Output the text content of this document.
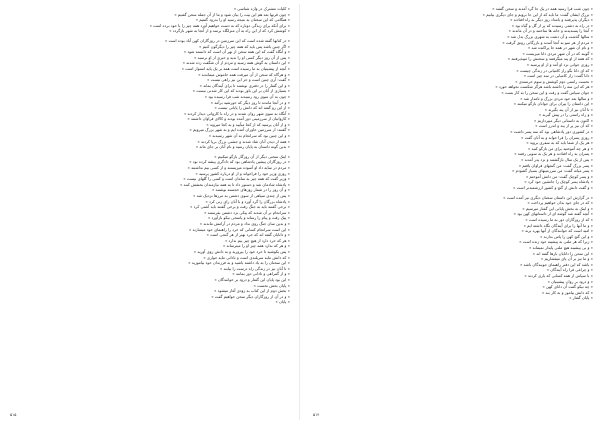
« کلیات مشترک در واژه شناسی »
« چون قرنها بعد هم این بیت را بیان شود و ما از آن جمله سخن گفتیم »
« هنگامی که این سخنان به نتیجه رسید او را بدرود گفتیم »
« برای آنکه برای زندگی دوباره که به دست خواهیم آورد همه چیز را با خود برده است »
« کوشش کرد که از این راه به آن منزلگاه برسد و از آنجا به شهر بازگردد »
« در کتابها گفته شده است که این سرزمین در روزگاران کهن آباد بوده است »
« اگر چنین باشد پس باید که همه چیز را دیگرگون کنیم »
« و آنگاه گفت که این همه سخن از بهر آن است که دانسته شود »
« پس از آن روز دیگر کسی او را ندید و خبری از او نرسید »
« این داستان به گوش همه رسید و مردم از آن شگفت زده شدند »
« آنچه از پیشینیان به ما رسیده است همه بر یک پایه استوار است »
« و هرگاه که سخن از آن میرفت همه خاموش میماندند »
« گفت: آری چنین است و جز این نیز راهی نیست »
« و این گفتار را در دفتری نوشتند تا برای آیندگان بماند »
« بسیاری از آنان بر این باور بودند که این کار شدنی نیست »
« چون به آن سوی رود رسیدند شب فرا رسیده بود »
« و در آنجا ماندند تا روز دیگر که خورشید برآمد »
« از این رو گفته اند که دانش را پایانی نیست »
« آنگاه به سوی شهر روان شدند و در راه با کاروانی دیدار کردند »
« کاروانیان از سرزمینی دور آمده بودند و کالای فراوان داشتند »
« و از آنان پرسید که از کجا میآیید و به کجا میروید »
« گفتند: از سرزمین خاوران آمده ایم و به شهر بزرگ میرویم »
« و این چنین بود که سرانجام به آن شهر رسیدند »
« همه از دیدن آنان شاد شدند و جشنی بزرگ برپا کردند »
« بدین گونه داستان به پایان رسید و نام آنان بر جای ماند »
« اینک سخنی دیگر از آن روزگار بازگو میکنیم »
« در روزگاران پیشین پادشاهی بود که دادگری پیشه کرده بود »
« مردم در سایه داد او آسوده میزیستند و از کسی بیم نداشتند »
« روزی وزیر خود را فراخواند و از او درباره کشور پرسید »
« وزیر گفت که همه چیز به سامان است و کسی را گلهای نیست »
« پادشاه شادمان شد و دستور داد تا به همه نیازمندان بخشش کنند »
« و آن روز را در شمار روزهای خجسته نوشتند »
« پس از چندی سپاهی از سوی دشمن به مرزها نزدیک شد »
« پادشاه بزرگان را گرد آورد و با آنان رای زنی کرد »
« برخی گفتند باید به جنگ رفت و برخی گفتند باید آشتی کرد »
« سرانجام بر آن شدند که پیکی نزد دشمن بفرستند »
« پیک رفت و پیام را رساند و پاسخی نیکو بازآورد »
« و بدین سان جنگ روی نداد و مردم در آرامش ماندند »
« این است سرانجام کسانی که خرد را راهنمای خود میسازند »
« و دانایان گفته اند که خرد بهتر از هر گنجی است »
« هر که خرد دارد از هیچ چیز بیم ندارد »
« و هر که ندارد همه چیز او را میترساند »
« پس بکوشید تا خرد خود را بپرورید و به دانش روی آورید »
« که دانش مایه سربلندی است و نادانی مایه خواری »
« این سخنان را به یاد داشته باشید و به فرزندان خود بیاموزید »
« تا آنان نیز در زندگی راه درست را بیابند »
« و از گمراهی و نادانی دور بمانند »
« این بود پایان این گفتار و درود بر خوانندگان »
« پایان بخش نخست »
« بخش دوم از این کتاب به زودی آغاز میشود »
« و در آن از روزگاران دیگر سخن خواهیم گفت »
« پایان »
« چون شب فرا رسید همه در یک جا گرد آمدند و سخن گفتند »
« بزرگ ایشان گفت: ما باید که از این جا برویم و جای دیگری بیابیم »
« دیگران پذیرفتند و بامداد روز دیگر به راه افتادند »
« در راه به دشتی رسیدند که پر از گل و گیاه بود »
« آنجا را پسندیدند و خانه ها ساختند و در آن ماندند »
« سالها گذشت و آن دشت به شهری بزرگ بدل شد »
« مردم از هر سو به آنجا آمدند و بازرگانی رونق گرفت »
« و نام آن شهر در همه جا پراکنده شد »
« گویند که در آن شهر مردی دانا میزیست »
« که همه از او پند میگرفتند و سخنش را میپذیرفتند »
« روزی جوانی نزد او آمد و از او پرسید »
« که ای دانا بگو راز کامیابی در زندگی چیست »
« دانا گفت: راز کامیابی در سه چیز است »
« نخست راستی دوم کوشش و سوم خرسندی »
« هر که این سه را داشته باشد هرگز شکست نخواهد خورد »
« جوان سپاس گفت و رفت و این سخن را به کار بست »
« و سالها بعد خود مردی بزرگ و نامدار شد »
« این داستان را پیران برای جوانان بازگو میکنند »
« تا آنان نیز از آن پند بگیرند »
« و راه راستی را در پیش گیرند »
« اکنون به داستانی دیگر میپردازیم »
« که آن نیز پر از پند و اندرز است »
« در کشوری دور پادشاهی بود که سه پسر داشت »
« روزی پسران را فرا خواند و به آنان گفت »
« هر یک از شما باید که به سفری بروید »
« و هر چه آموختید برای من بازگو کنید »
« پسران به راه افتادند و هر یک به سویی رفتند »
« پس از یک سال بازگشتند و نزد پدر آمدند »
« پسر بزرگ گفت: من گنجهای فراوان یافتم »
« پسر میانه گفت: من سرزمینهای بسیار گشودم »
« و پسر کوچک گفت: من دانش آموختم »
« پادشاه پسر کوچک را جانشین خود کرد »
« و گفت دانش از گنج و کشور ارزشمندتر است »
« در گزارش این داستان سخنان دیگری نیز آمده است »
« که در جای خود بدان خواهیم پرداخت »
« و اینک به بخش پایانی این گفتار میرسیم »
« آنچه گفته شد گوشه ای از داستانهای کهن بود »
« که از روزگاران دور به ما رسیده است »
« و ما آنها را برای آیندگان نگاه داشته ایم »
« امید است که خوانندگان از آنها بهره برند »
« و این گنج کهن را پاس بدارند »
« زیرا که هر ملتی به پیشینه خود زنده است »
« و بی پیشینه هیچ ملتی پایدار نمیماند »
« این سخن را دانایان بارها گفته اند »
« و ما نیز بر آن پای میفشاریم »
« باشد که این دفتر راهنمای جویندگان باشد »
« و چراغی فرا راه آیندگان »
« با سپاس از همه کسانی که یاری کردند »
« و درود بر روان پیشینیان »
« چه نیکو گفت آن دانای کهن »
« که دانش بیاموز و به کار بند »
« پایان گفتار »
۵۱۵	۵۱۴
